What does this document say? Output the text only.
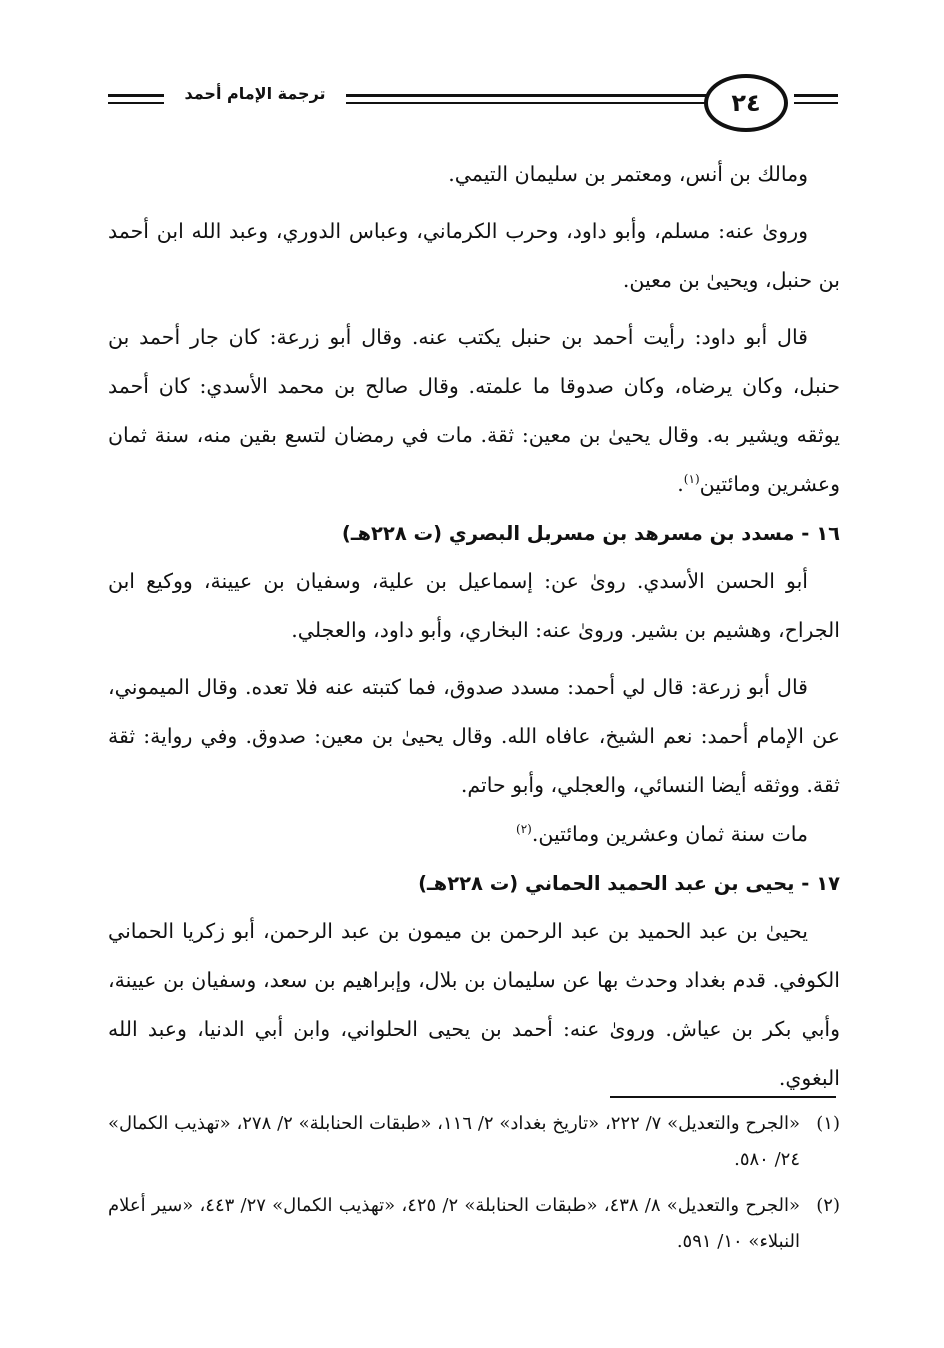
ترجمة الإمام أحمد	٢٤

ومالك بن أنس، ومعتمر بن سليمان التيمي.

وروىٰ عنه: مسلم، وأبو داود، وحرب الكرماني، وعباس الدوري، وعبد الله ابن أحمد بن حنبل، ويحيىٰ بن معين.

قال أبو داود: رأيت أحمد بن حنبل يكتب عنه. وقال أبو زرعة: كان جار أحمد بن حنبل، وكان يرضاه، وكان صدوقا ما علمته. وقال صالح بن محمد الأسدي: كان أحمد يوثقه ويشير به. وقال يحيىٰ بن معين: ثقة. مات في رمضان لتسع بقين منه، سنة ثمان وعشرين ومائتين$^{(١)}$.

١٦ - مسدد بن مسرهد بن مسربل البصري (ت ٢٢٨هـ)

أبو الحسن الأسدي. روىٰ عن: إسماعيل بن علية، وسفيان بن عيينة، ووكيع ابن الجراح، وهشيم بن بشير. وروىٰ عنه: البخاري، وأبو داود، والعجلي.

قال أبو زرعة: قال لي أحمد: مسدد صدوق، فما كتبته عنه فلا تعده. وقال الميموني، عن الإمام أحمد: نعم الشيخ، عافاه الله. وقال يحيىٰ بن معين: صدوق. وفي رواية: ثقة ثقة. ووثقه أيضا النسائي، والعجلي، وأبو حاتم.

مات سنة ثمان وعشرين ومائتين.$^{(٢)}$

١٧ - يحيى بن عبد الحميد الحماني (ت ٢٢٨هـ)

يحيىٰ بن عبد الحميد بن عبد الرحمن بن ميمون بن عبد الرحمن، أبو زكريا الحماني الكوفي. قدم بغداد وحدث بها عن سليمان بن بلال، وإبراهيم بن سعد، وسفيان بن عيينة، وأبي بكر بن عياش. وروىٰ عنه: أحمد بن يحيى الحلواني، وابن أبي الدنيا، وعبد الله البغوي.

(١)
«الجرح والتعديل» ٧/ ٢٢٢، «تاريخ بغداد» ٢/ ١١٦، «طبقات الحنابلة» ٢/ ٢٧٨، «تهذيب الكمال» ٢٤/ ٥٨٠.
(٢)
«الجرح والتعديل» ٨/ ٤٣٨، «طبقات الحنابلة» ٢/ ٤٢٥، «تهذيب الكمال» ٢٧/ ٤٤٣، «سير أعلام النبلاء» ١٠/ ٥٩١.
